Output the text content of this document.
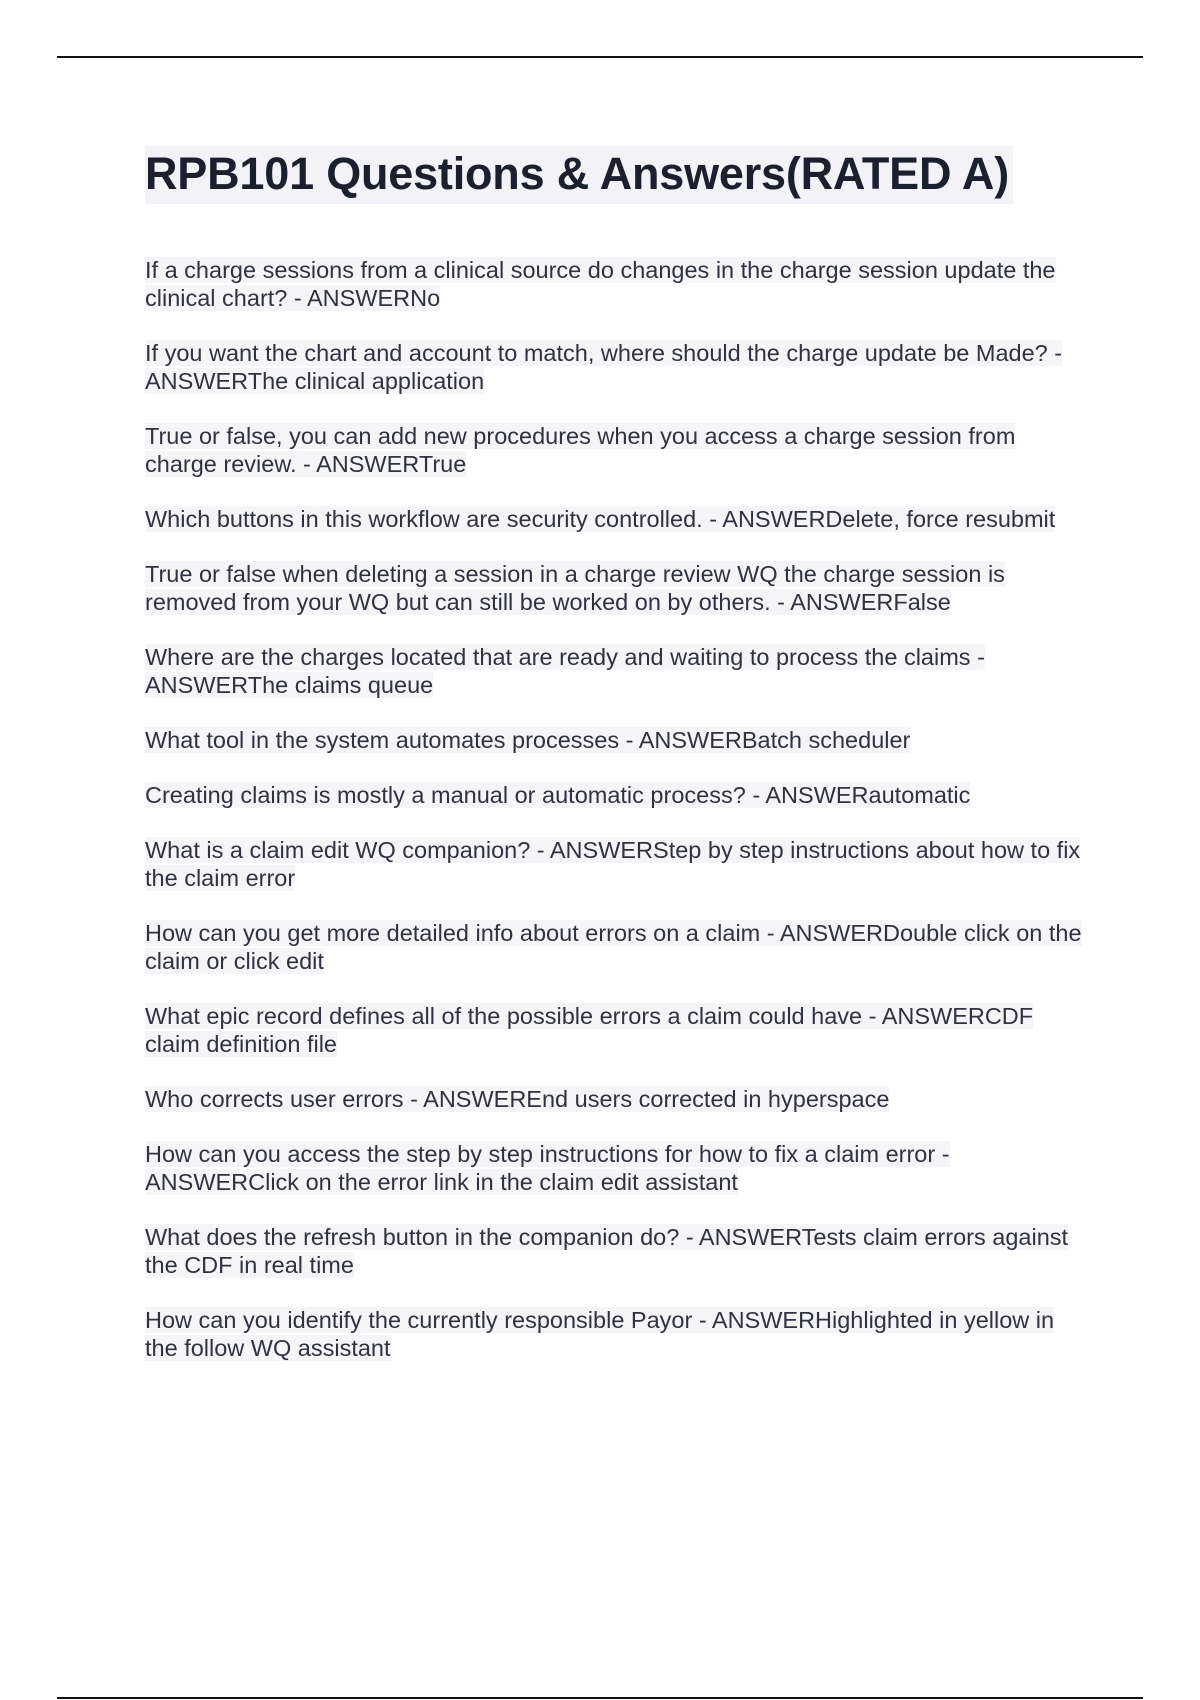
RPB101 Questions & Answers(RATED A)
If a charge sessions from a clinical source do changes in the charge session update the clinical chart? - ANSWERNo
If you want the chart and account to match, where should the charge update be Made? - ANSWERThe clinical application
True or false, you can add new procedures when you access a charge session from charge review. - ANSWERTrue
Which buttons in this workflow are security controlled. - ANSWERDelete, force resubmit
True or false when deleting a session in a charge review WQ the charge session is removed from your WQ but can still be worked on by others. - ANSWERFalse
Where are the charges located that are ready and waiting to process the claims - ANSWERThe claims queue
What tool in the system automates processes - ANSWERBatch scheduler
Creating claims is mostly a manual or automatic process? - ANSWERautomatic
What is a claim edit WQ companion? - ANSWERStep by step instructions about how to fix the claim error
How can you get more detailed info about errors on a claim - ANSWERDouble click on the claim or click edit
What epic record defines all of the possible errors a claim could have - ANSWERCDF claim definition file
Who corrects user errors - ANSWEREnd users corrected in hyperspace
How can you access the step by step instructions for how to fix a claim error - ANSWERClick on the error link in the claim edit assistant
What does the refresh button in the companion do? - ANSWERTests claim errors against the CDF in real time
How can you identify the currently responsible Payor - ANSWERHighlighted in yellow in the follow WQ assistant
